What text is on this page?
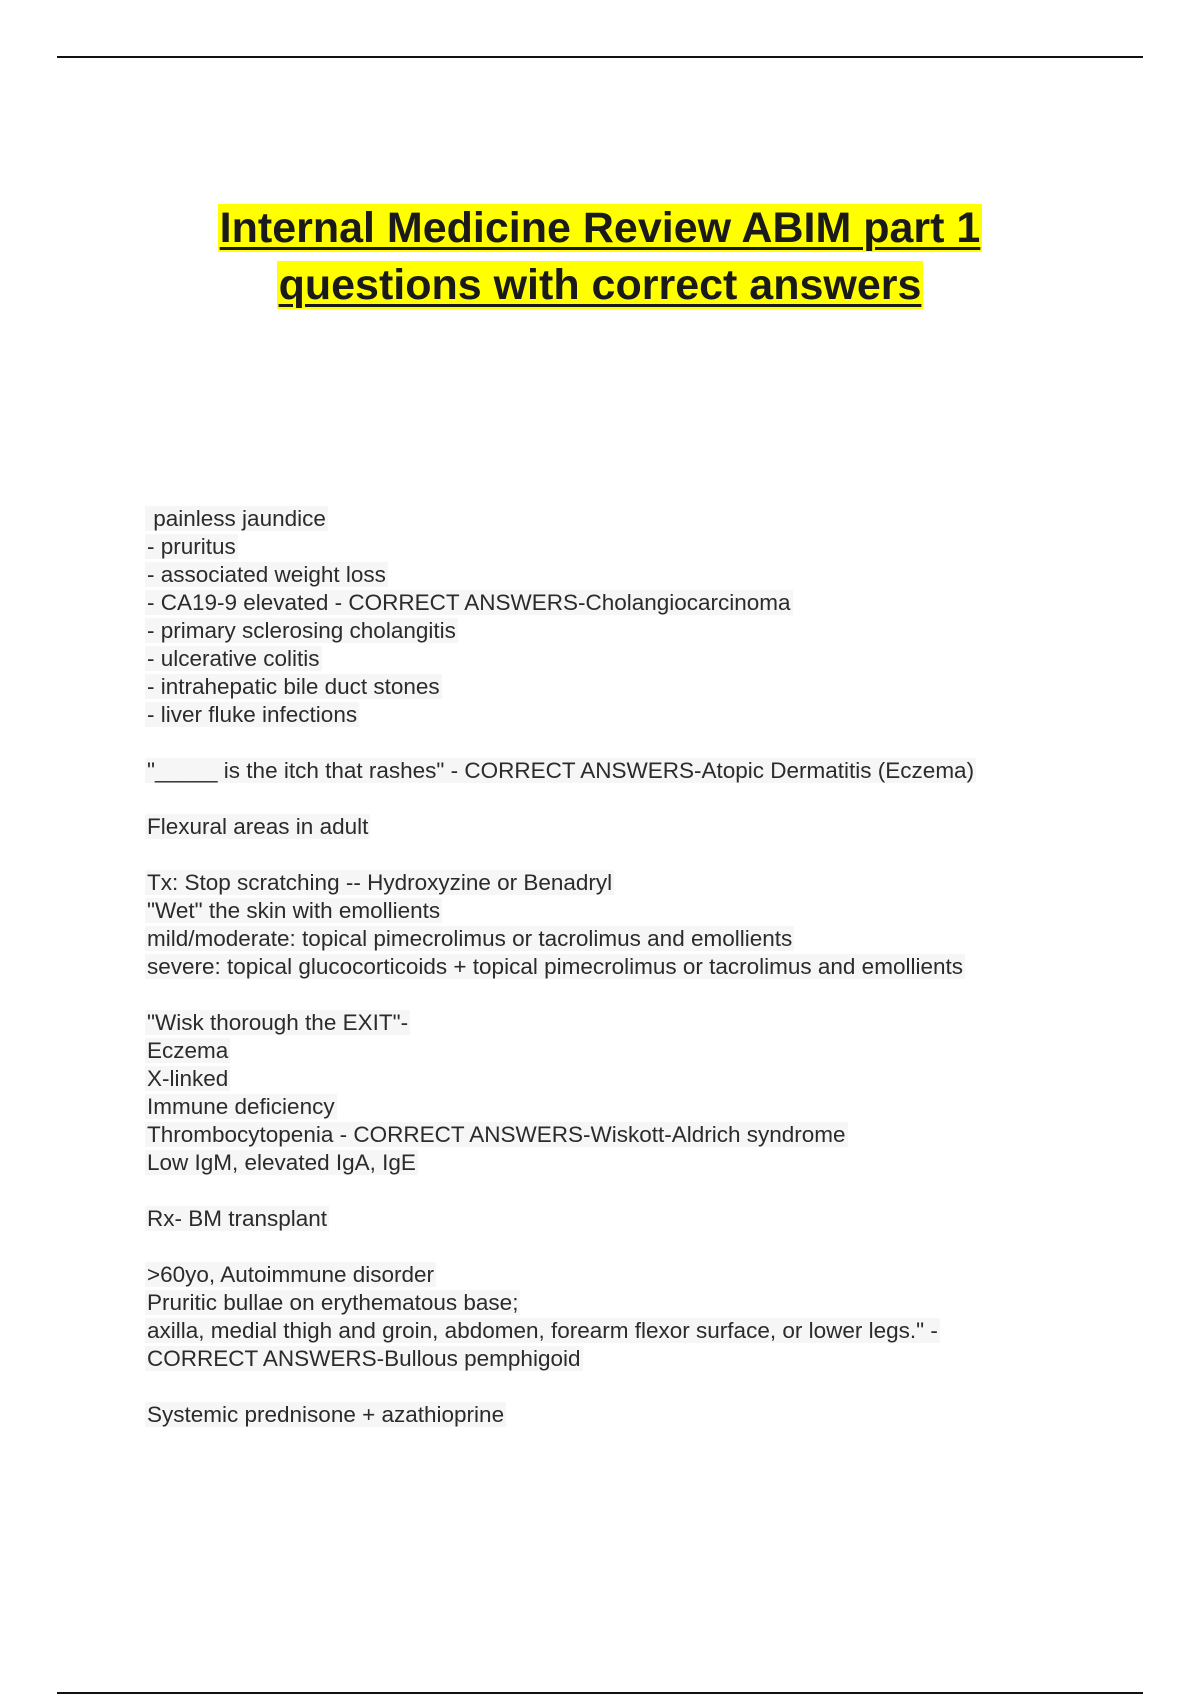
Internal Medicine Review ABIM part 1
questions with correct answers
painless jaundice
- pruritus
- associated weight loss
- CA19-9 elevated - CORRECT ANSWERS-Cholangiocarcinoma
- primary sclerosing cholangitis
- ulcerative colitis
- intrahepatic bile duct stones
- liver fluke infections
"_____ is the itch that rashes" - CORRECT ANSWERS-Atopic Dermatitis (Eczema)
Flexural areas in adult
Tx: Stop scratching -- Hydroxyzine or Benadryl
"Wet" the skin with emollients
mild/moderate: topical pimecrolimus or tacrolimus and emollients
severe: topical glucocorticoids + topical pimecrolimus or tacrolimus and emollients
"Wisk thorough the EXIT"-
Eczema
X-linked
Immune deficiency
Thrombocytopenia - CORRECT ANSWERS-Wiskott-Aldrich syndrome
Low IgM, elevated IgA, IgE
Rx- BM transplant
>60yo, Autoimmune disorder
Pruritic bullae on erythematous base;
axilla, medial thigh and groin, abdomen, forearm flexor surface, or lower legs." -
CORRECT ANSWERS-Bullous pemphigoid
Systemic prednisone + azathioprine
